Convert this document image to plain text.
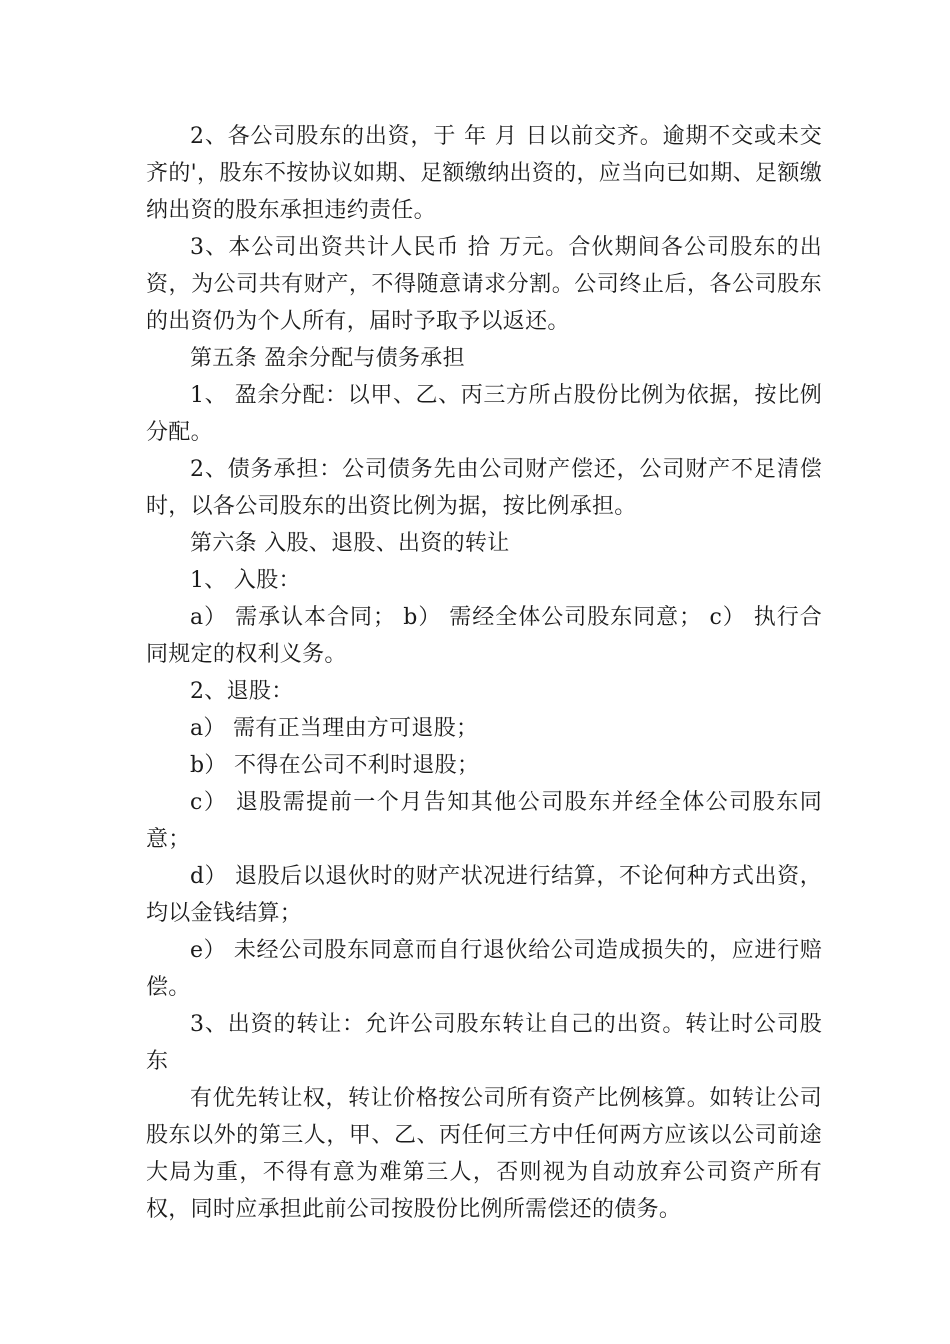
2、各公司股东的出资，于 年 月 日以前交齐。逾期不交或未交齐的'，股东不按协议如期、足额缴纳出资的，应当向已如期、足额缴纳出资的股东承担违约责任。

3、本公司出资共计人民币 拾 万元。合伙期间各公司股东的出资，为公司共有财产，不得随意请求分割。公司终止后，各公司股东的出资仍为个人所有，届时予取予以返还。

第五条 盈余分配与债务承担

1、 盈余分配：以甲、乙、丙三方所占股份比例为依据，按比例分配。

2、债务承担：公司债务先由公司财产偿还，公司财产不足清偿时，以各公司股东的出资比例为据，按比例承担。

第六条 入股、退股、出资的转让

1、 入股：

a） 需承认本合同； b） 需经全体公司股东同意； c） 执行合同规定的权利义务。

2、退股：

a） 需有正当理由方可退股；

b） 不得在公司不利时退股；

c） 退股需提前一个月告知其他公司股东并经全体公司股东同意；

d） 退股后以退伙时的财产状况进行结算，不论何种方式出资，均以金钱结算；

e） 未经公司股东同意而自行退伙给公司造成损失的，应进行赔偿。

3、出资的转让：允许公司股东转让自己的出资。转让时公司股东

有优先转让权，转让价格按公司所有资产比例核算。如转让公司股东以外的第三人，甲、乙、丙任何三方中任何两方应该以公司前途大局为重，不得有意为难第三人，否则视为自动放弃公司资产所有权，同时应承担此前公司按股份比例所需偿还的债务。
